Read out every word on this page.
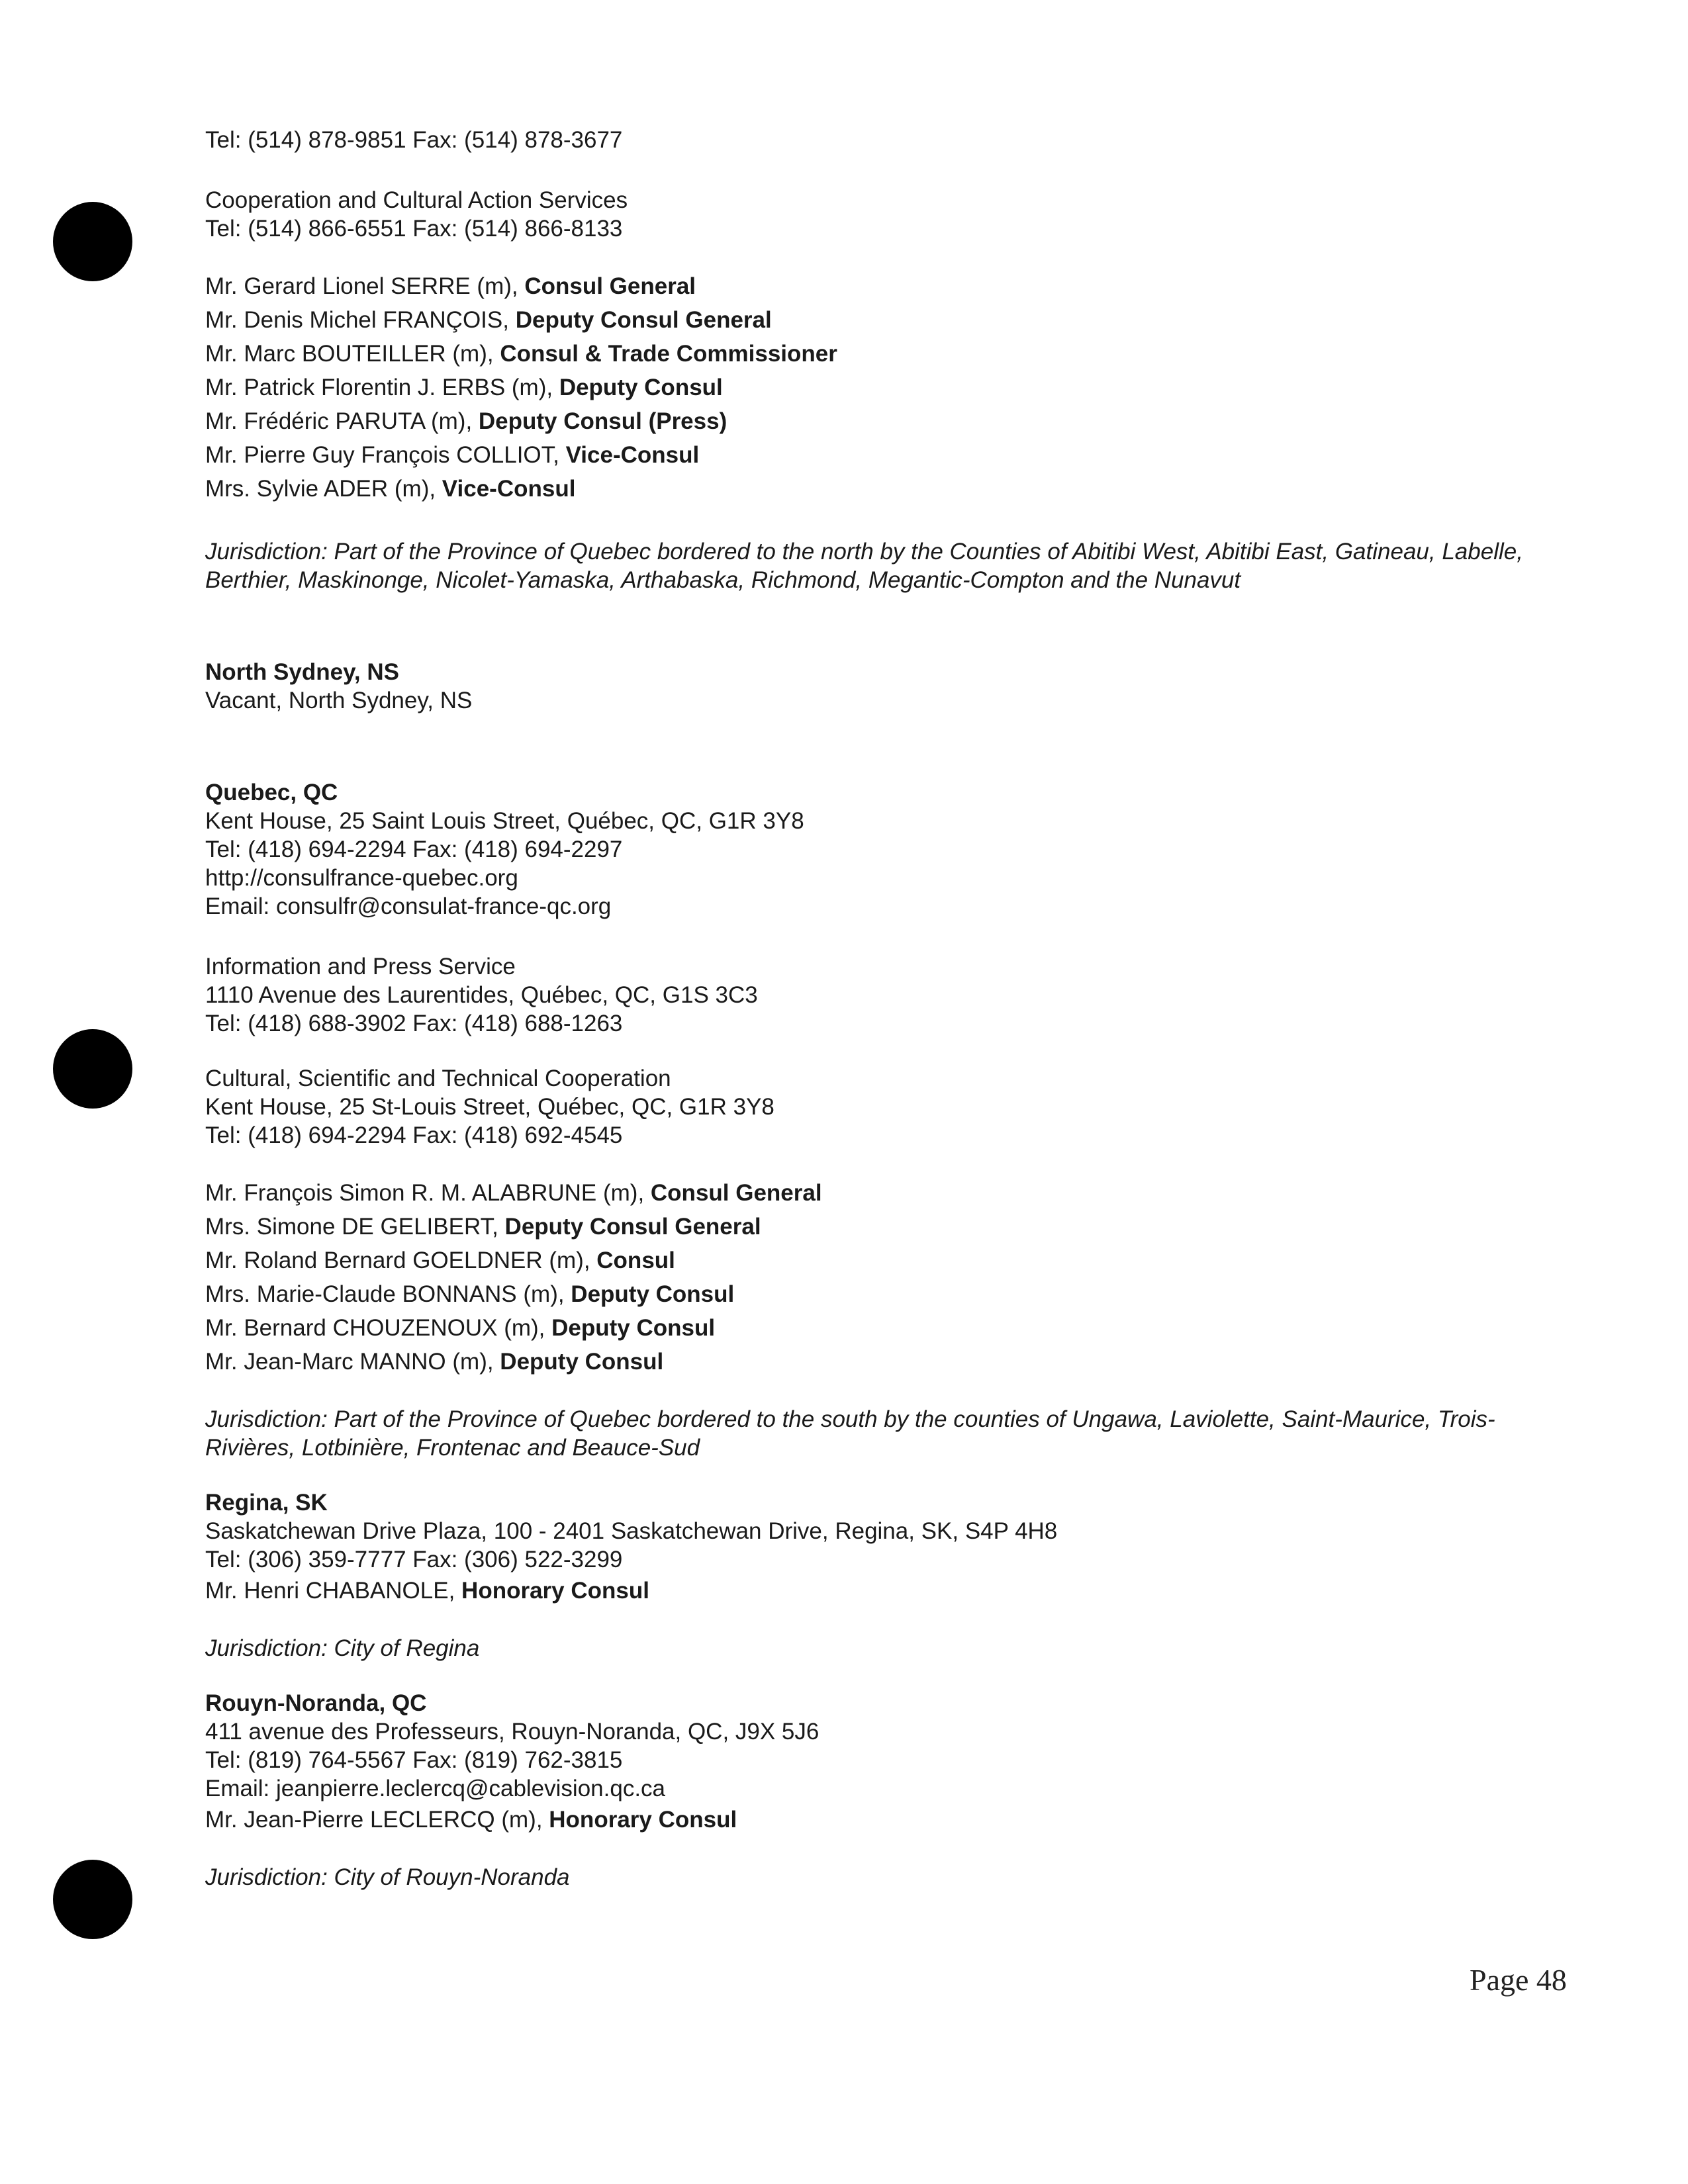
Tel: (514) 878-9851 Fax: (514) 878-3677
Cooperation and Cultural Action Services
Tel: (514) 866-6551 Fax: (514) 866-8133
Mr. Gerard Lionel SERRE (m), Consul General
Mr. Denis Michel FRANÇOIS, Deputy Consul General
Mr. Marc BOUTEILLER (m), Consul & Trade Commissioner
Mr. Patrick Florentin J. ERBS (m), Deputy Consul
Mr. Frédéric PARUTA (m), Deputy Consul (Press)
Mr. Pierre Guy François COLLIOT, Vice-Consul
Mrs. Sylvie ADER (m), Vice-Consul
Jurisdiction: Part of the Province of Quebec bordered to the north by the Counties of Abitibi West, Abitibi East, Gatineau, Labelle, Berthier, Maskinonge, Nicolet-Yamaska, Arthabaska, Richmond, Megantic-Compton and the Nunavut
North Sydney, NS
Vacant, North Sydney, NS
Quebec, QC
Kent House, 25 Saint Louis Street, Québec, QC, G1R 3Y8
Tel: (418) 694-2294 Fax: (418) 694-2297
http://consulfrance-quebec.org
Email: consulfr@consulat-france-qc.org
Information and Press Service
1110 Avenue des Laurentides, Québec, QC, G1S 3C3
Tel: (418) 688-3902 Fax: (418) 688-1263
Cultural, Scientific and Technical Cooperation
Kent House, 25 St-Louis Street, Québec, QC, G1R 3Y8
Tel: (418) 694-2294 Fax: (418) 692-4545
Mr. François Simon R. M. ALABRUNE (m), Consul General
Mrs. Simone DE GELIBERT, Deputy Consul General
Mr. Roland Bernard GOELDNER (m), Consul
Mrs. Marie-Claude BONNANS (m), Deputy Consul
Mr. Bernard CHOUZENOUX (m), Deputy Consul
Mr. Jean-Marc MANNO (m), Deputy Consul
Jurisdiction: Part of the Province of Quebec bordered to the south by the counties of Ungawa, Laviolette, Saint-Maurice, Trois-Rivières, Lotbinière, Frontenac and Beauce-Sud
Regina, SK
Saskatchewan Drive Plaza, 100 - 2401 Saskatchewan Drive, Regina, SK, S4P 4H8
Tel: (306) 359-7777 Fax: (306) 522-3299
Mr. Henri CHABANOLE, Honorary Consul
Jurisdiction: City of Regina
Rouyn-Noranda, QC
411 avenue des Professeurs, Rouyn-Noranda, QC, J9X 5J6
Tel: (819) 764-5567 Fax: (819) 762-3815
Email: jeanpierre.leclercq@cablevision.qc.ca
Mr. Jean-Pierre LECLERCQ (m), Honorary Consul
Jurisdiction: City of Rouyn-Noranda
Page 48
